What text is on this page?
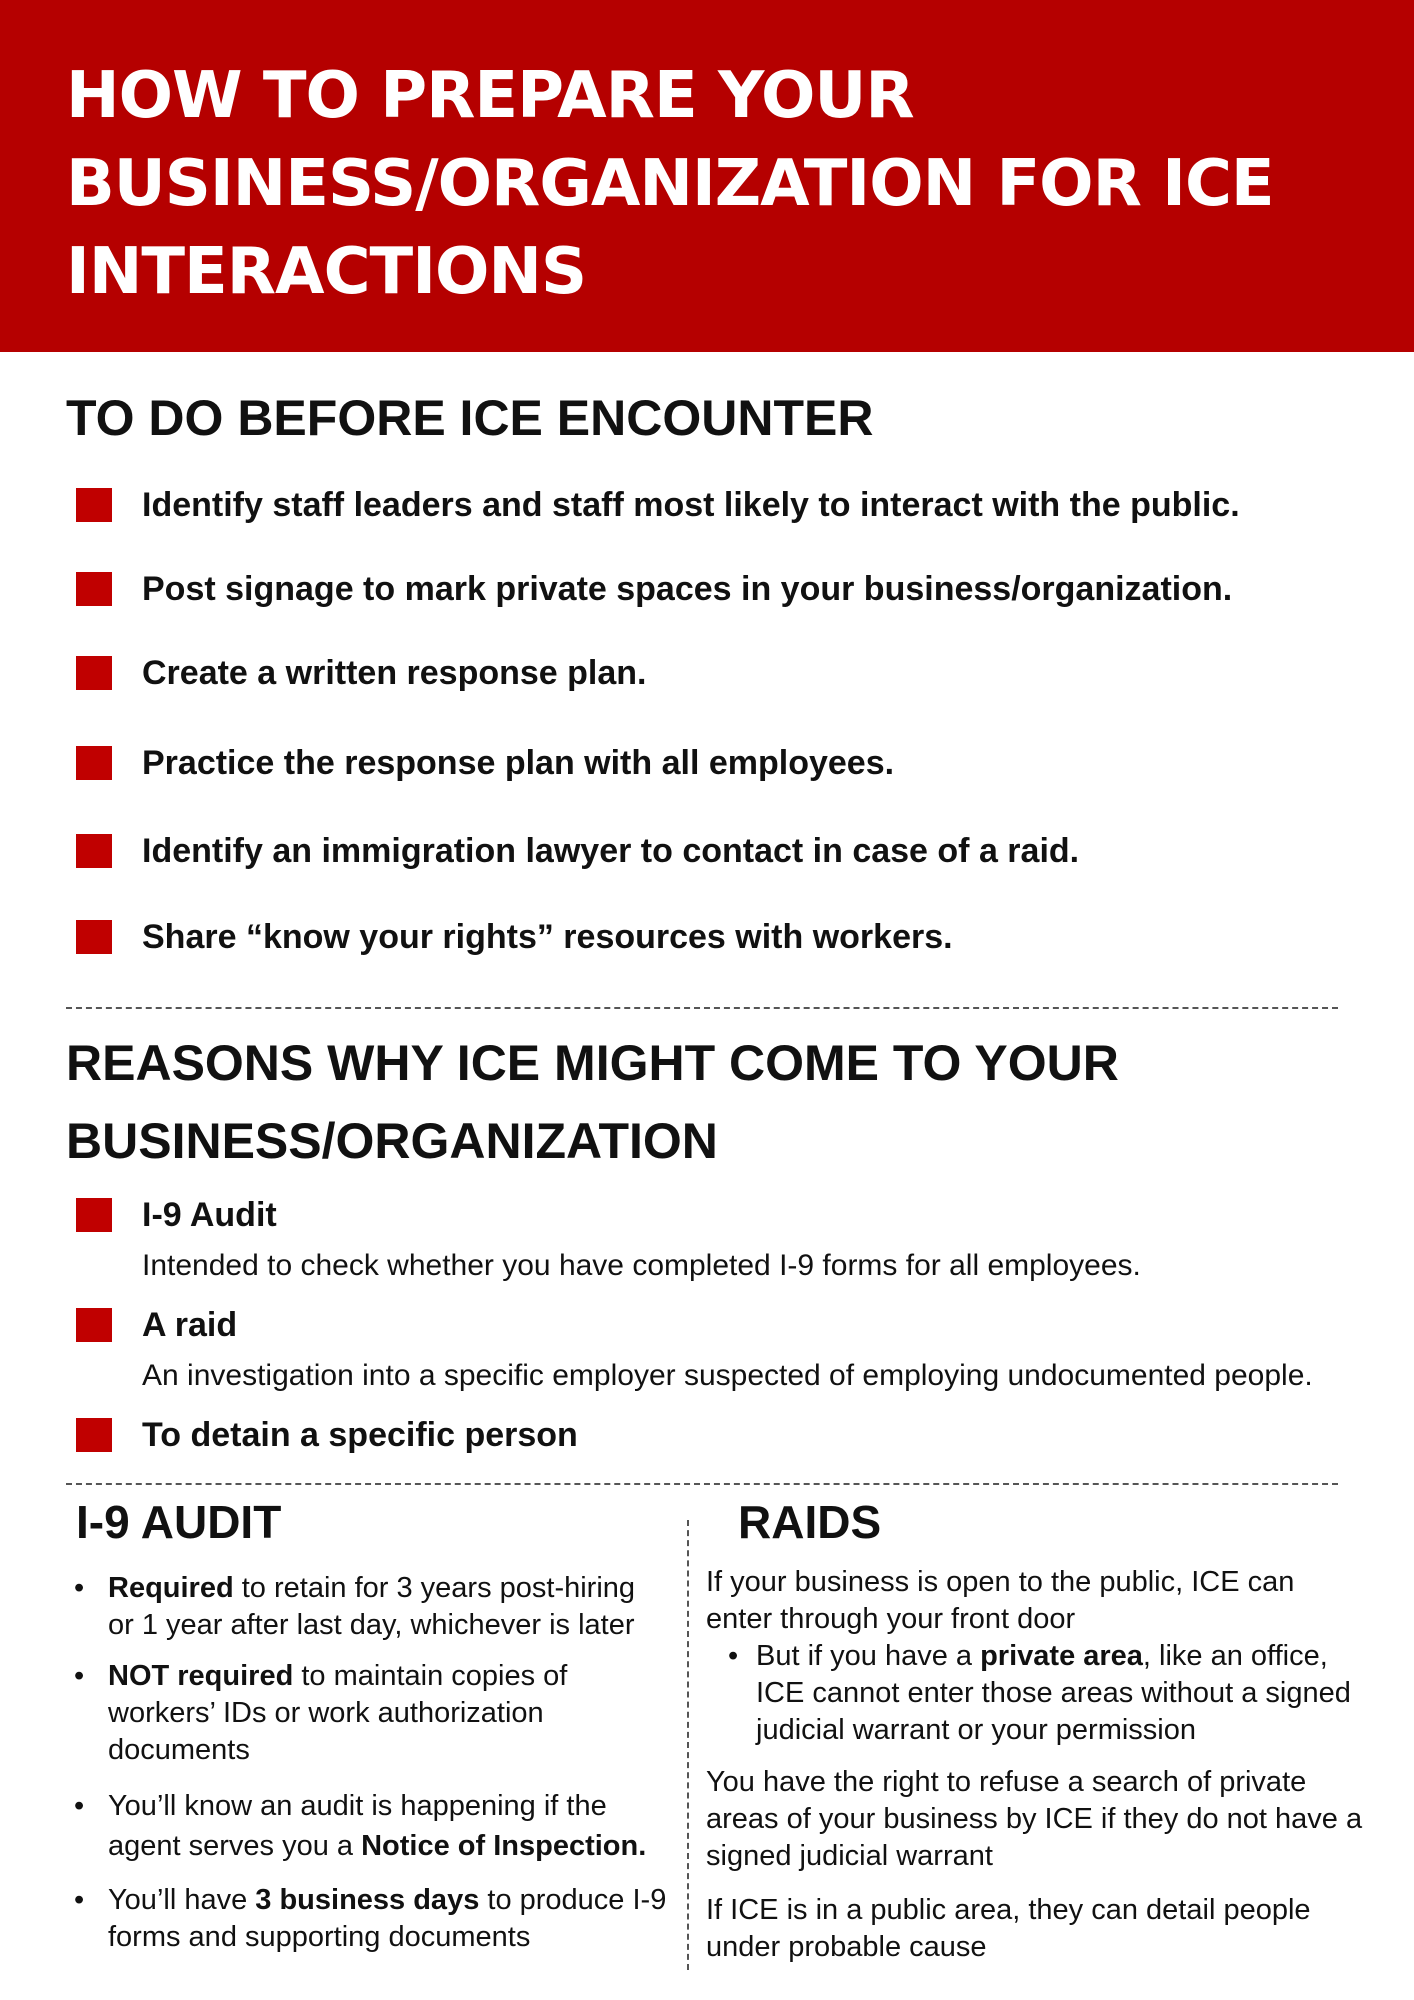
HOW TO PREPARE YOUR BUSINESS/ORGANIZATION FOR ICE INTERACTIONS
TO DO BEFORE ICE ENCOUNTER
Identify staff leaders and staff most likely to interact with the public.
Post signage to mark private spaces in your business/organization.
Create a written response plan.
Practice the response plan with all employees.
Identify an immigration lawyer to contact in case of a raid.
Share “know your rights” resources with workers.
REASONS WHY ICE MIGHT COME TO YOUR BUSINESS/ORGANIZATION
I-9 Audit
Intended to check whether you have completed I-9 forms for all employees.
A raid
An investigation into a specific employer suspected of employing undocumented people.
To detain a specific person
I-9 AUDIT	RAIDS
• Required to retain for 3 years post-hiring or 1 year after last day, whichever is later
• NOT required to maintain copies of workers’ IDs or work authorization documents
• You’ll know an audit is happening if the agent serves you a Notice of Inspection.
• You’ll have 3 business days to produce I-9 forms and supporting documents
If your business is open to the public, ICE can enter through your front door
• But if you have a private area, like an office, ICE cannot enter those areas without a signed judicial warrant or your permission
You have the right to refuse a search of private areas of your business by ICE if they do not have a signed judicial warrant
If ICE is in a public area, they can detail people under probable cause
